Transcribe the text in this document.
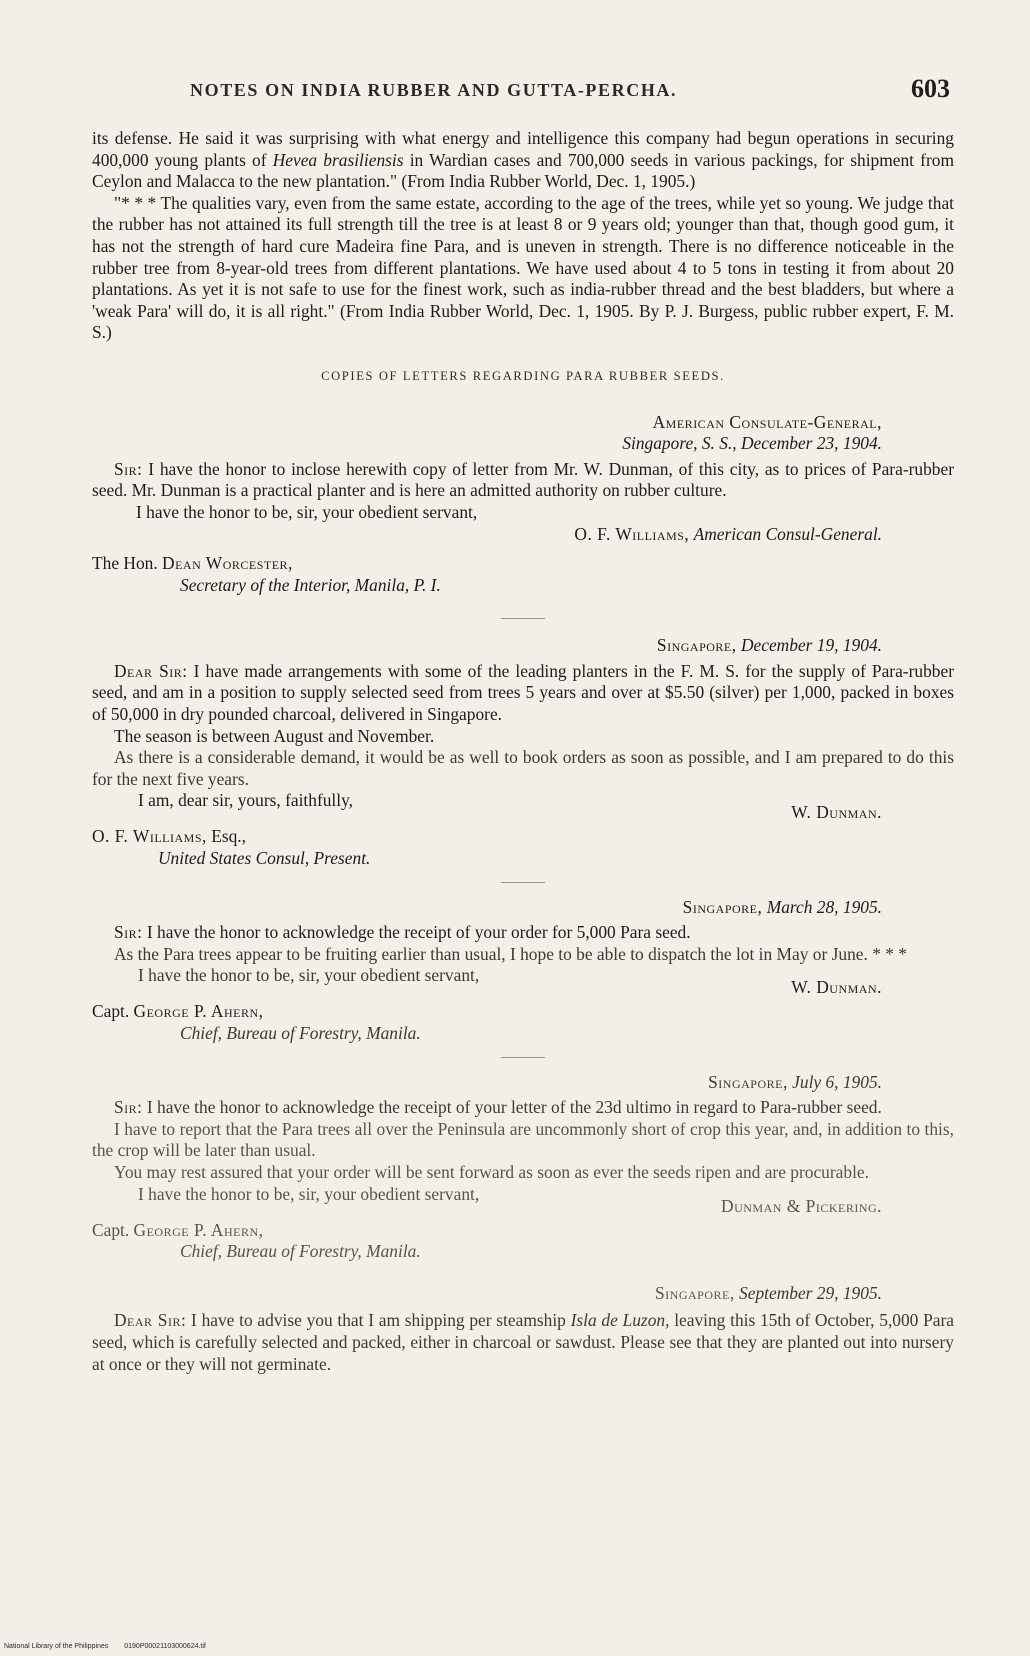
NOTES ON INDIA RUBBER AND GUTTA-PERCHA.	603

its defense. He said it was surprising with what energy and intelligence this company had begun operations in securing 400,000 young plants of Hevea brasiliensis in Wardian cases and 700,000 seeds in various packings, for shipment from Ceylon and Malacca to the new plantation." (From India Rubber World, Dec. 1, 1905.)

"* * * The qualities vary, even from the same estate, according to the age of the trees, while yet so young. We judge that the rubber has not attained its full strength till the tree is at least 8 or 9 years old; younger than that, though good gum, it has not the strength of hard cure Madeira fine Para, and is uneven in strength. There is no difference noticeable in the rubber tree from 8-year-old trees from different plantations. We have used about 4 to 5 tons in testing it from about 20 plantations. As yet it is not safe to use for the finest work, such as india-rubber thread and the best bladders, but where a 'weak Para' will do, it is all right." (From India Rubber World, Dec. 1, 1905. By P. J. Burgess, public rubber expert, F. M. S.)

COPIES OF LETTERS REGARDING PARA RUBBER SEEDS.
American Consulate-General,
Singapore, S. S., December 23, 1904.

Sir: I have the honor to inclose herewith copy of letter from Mr. W. Dunman, of this city, as to prices of Para-rubber seed. Mr. Dunman is a practical planter and is here an admitted authority on rubber culture.

I have the honor to be, sir, your obedient servant,

O. F. Williams, American Consul-General.
The Hon. Dean Worcester,
Secretary of the Interior, Manila, P. I.
Singapore, December 19, 1904.

Dear Sir: I have made arrangements with some of the leading planters in the F. M. S. for the supply of Para-rubber seed, and am in a position to supply selected seed from trees 5 years and over at $5.50 (silver) per 1,000, packed in boxes of 50,000 in dry pounded charcoal, delivered in Singapore.

The season is between August and November.

As there is a considerable demand, it would be as well to book orders as soon as possible, and I am prepared to do this for the next five years.

I am, dear sir, yours, faithfully,
W. Dunman.
O. F. Williams, Esq.,
United States Consul, Present.
Singapore, March 28, 1905.

Sir: I have the honor to acknowledge the receipt of your order for 5,000 Para seed.

As the Para trees appear to be fruiting earlier than usual, I hope to be able to dispatch the lot in May or June. * * *

I have the honor to be, sir, your obedient servant,
W. Dunman.
Capt. George P. Ahern,
Chief, Bureau of Forestry, Manila.
Singapore, July 6, 1905.

Sir: I have the honor to acknowledge the receipt of your letter of the 23d ultimo in regard to Para-rubber seed.

I have to report that the Para trees all over the Peninsula are uncommonly short of crop this year, and, in addition to this, the crop will be later than usual.

You may rest assured that your order will be sent forward as soon as ever the seeds ripen and are procurable.

I have the honor to be, sir, your obedient servant,
Dunman & Pickering.
Capt. George P. Ahern,
Chief, Bureau of Forestry, Manila.
Singapore, September 29, 1905.

Dear Sir: I have to advise you that I am shipping per steamship Isla de Luzon, leaving this 15th of October, 5,000 Para seed, which is carefully selected and packed, either in charcoal or sawdust. Please see that they are planted out into nursery at once or they will not germinate.

National Library of the Philippines 0190P00021103000624.tif
